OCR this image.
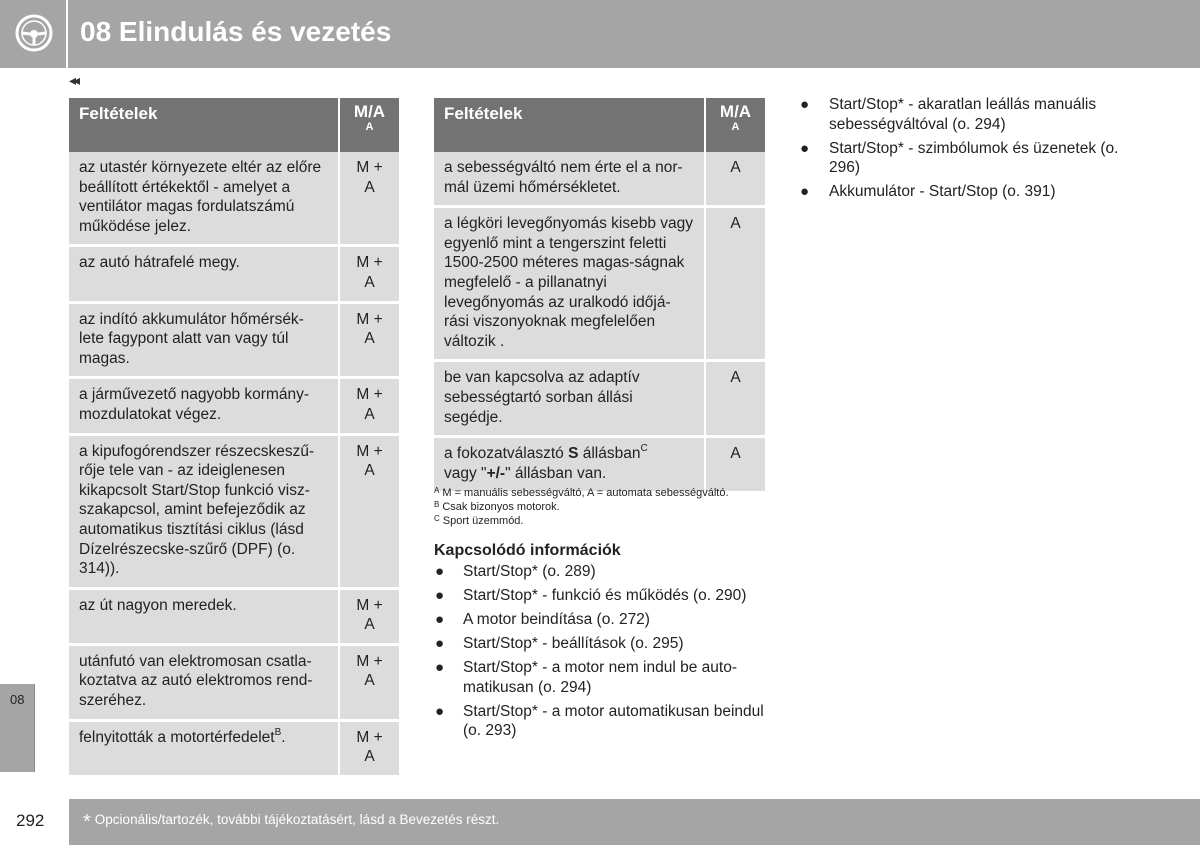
08 Elindulás és vezetés
◂◂
Feltételek	M/A
A

az utastér környezete eltér az előre beállított értékektől - amelyet a ventilátor magas fordulatszámú működése jelez.	M +
A
az autó hátrafelé megy.	M +
A
az indító akkumulátor hőmérsék-lete fagypont alatt van vagy túl magas.	M +
A
a járművezető nagyobb kormány-mozdulatokat végez.	M +
A
a kipufogórendszer részecskeszű-rője tele van - az ideiglenesen kikapcsolt Start/Stop funkció visz-szakapcsol, amint befejeződik az automatikus tisztítási ciklus (lásd Dízelrészecske-szűrő (DPF) (o. 314)).	M +
A
az út nagyon meredek.	M +
A
utánfutó van elektromosan csatla-koztatva az autó elektromos rend-szeréhez.	M +
A
felnyitották a motortérfedelet$^B$.	M +
A
Feltételek	M/A
A

a sebességváltó nem érte el a nor-mál üzemi hőmérsékletet.	A
a légköri levegőnyomás kisebb vagy egyenlő mint a tengerszint feletti 1500-2500 méteres magas-ságnak megfelelő - a pillanatnyi levegőnyomás az uralkodó időjá-rási viszonyoknak megfelelően változik .	A
be van kapcsolva az adaptív sebességtartó sorban állási segédje.	A
a fokozatválasztó S állásban$^C$
vagy "+/-" állásban van.	A
$^A$ M = manuális sebességváltó, A = automata sebességváltó.
$^B$ Csak bizonyos motorok.
$^C$ Sport üzemmód.
Kapcsolódó információk
● Start/Stop* (o. 289)
● Start/Stop* - funkció és működés (o. 290)
● A motor beindítása (o. 272)
● Start/Stop* - beállítások (o. 295)
● Start/Stop* - a motor nem indul be auto-matikusan (o. 294)
● Start/Stop* - a motor automatikusan beindul (o. 293)
● Start/Stop* - akaratlan leállás manuális sebességváltóval (o. 294)
● Start/Stop* - szimbólumok és üzenetek (o. 296)
● Akkumulátor - Start/Stop (o. 391)
08
292 * Opcionális/tartozék, további tájékoztatásért, lásd a Bevezetés részt.
